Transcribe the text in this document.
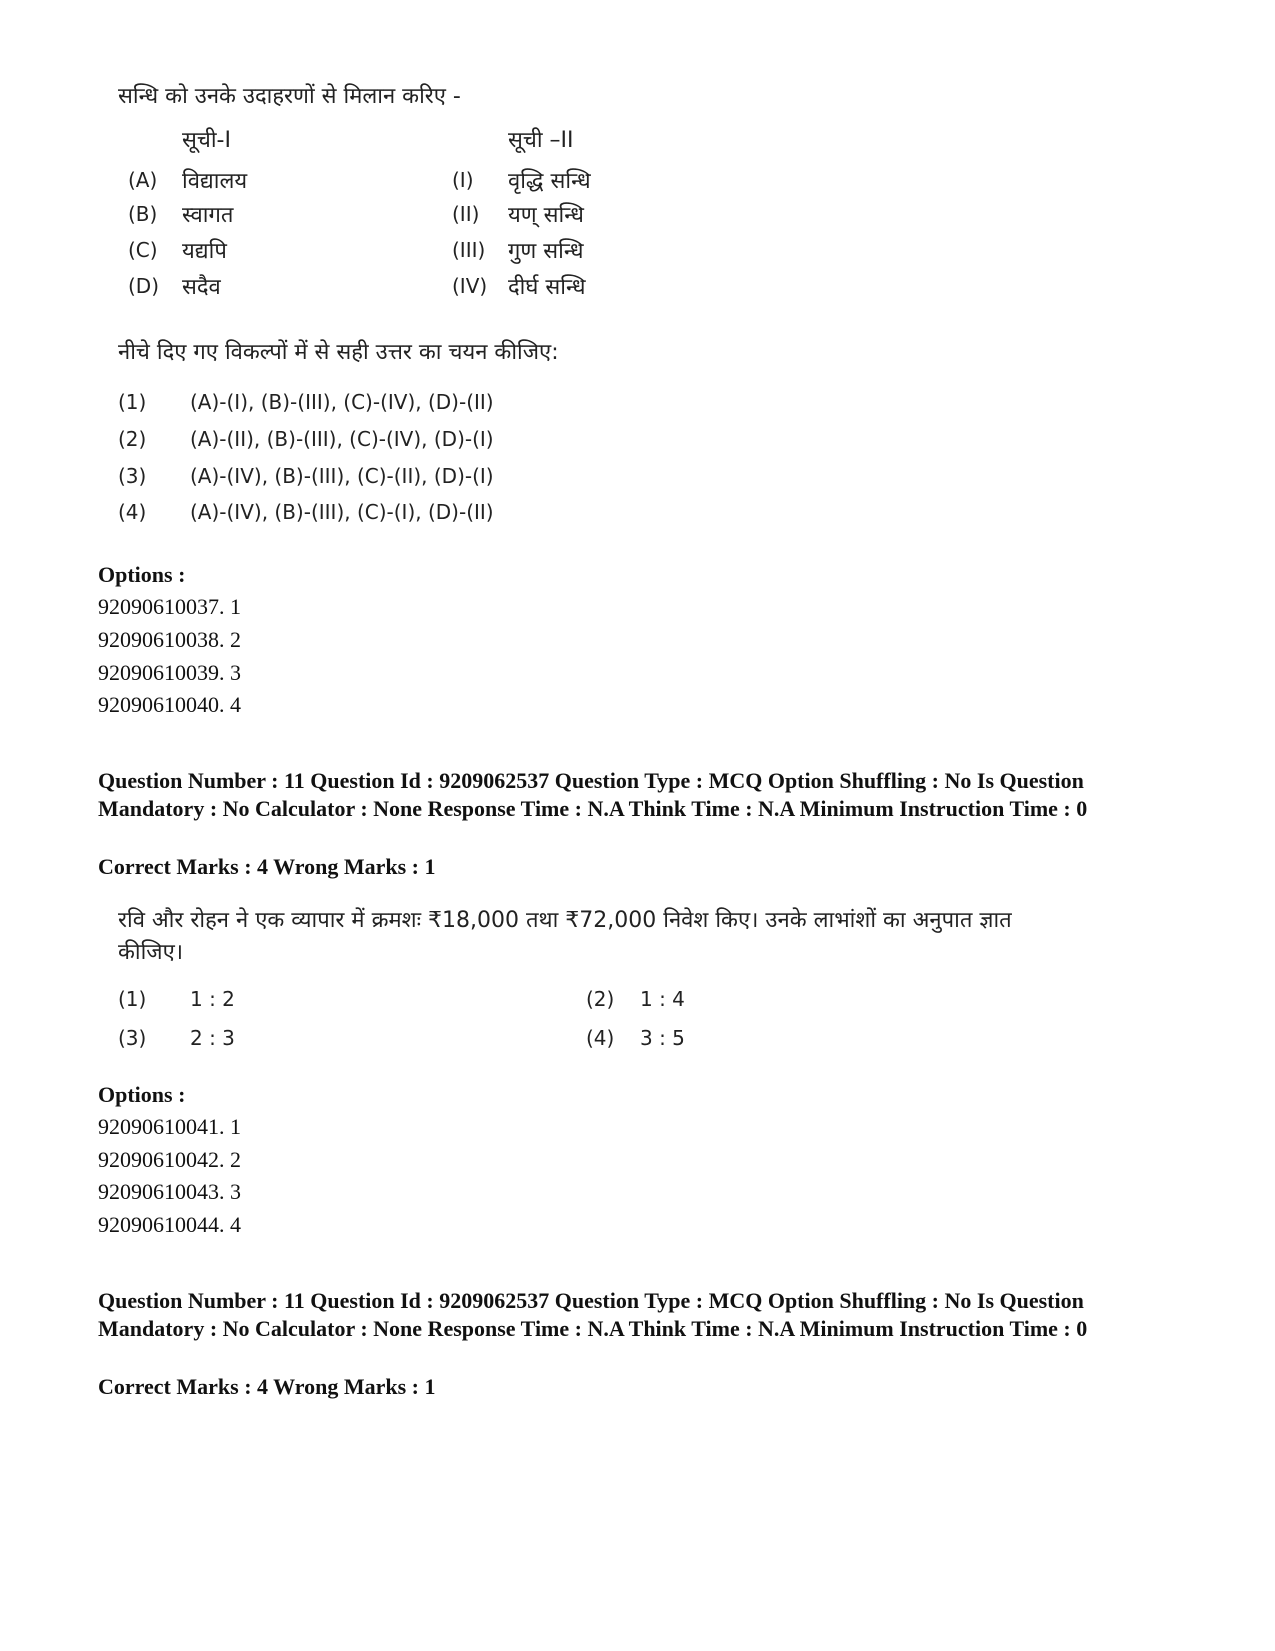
सन्धि को उनके उदाहरणों से मिलान करिए -
सूची-I	सूची –II
(A) विद्यालय	(I) वृद्धि सन्धि
(B) स्वागत	(II) यण् सन्धि
(C) यद्यपि	(III) गुण सन्धि
(D) सदैव	(IV) दीर्घ सन्धि
नीचे दिए गए विकल्पों में से सही उत्तर का चयन कीजिए:
(1) (A)-(I), (B)-(III), (C)-(IV), (D)-(II)
(2) (A)-(II), (B)-(III), (C)-(IV), (D)-(I)
(3) (A)-(IV), (B)-(III), (C)-(II), (D)-(I)
(4) (A)-(IV), (B)-(III), (C)-(I), (D)-(II)
Options :
92090610037. 1
92090610038. 2
92090610039. 3
92090610040. 4
Question Number : 11 Question Id : 9209062537 Question Type : MCQ Option Shuffling : No Is Question Mandatory : No Calculator : None Response Time : N.A Think Time : N.A Minimum Instruction Time : 0
Correct Marks : 4 Wrong Marks : 1
रवि और रोहन ने एक व्यापार में क्रमशः ₹18,000 तथा ₹72,000 निवेश किए। उनके लाभांशों का अनुपात ज्ञात कीजिए।
(1) 1 : 2	(2) 1 : 4
(3) 2 : 3	(4) 3 : 5
Options :
92090610041. 1
92090610042. 2
92090610043. 3
92090610044. 4
Question Number : 11 Question Id : 9209062537 Question Type : MCQ Option Shuffling : No Is Question Mandatory : No Calculator : None Response Time : N.A Think Time : N.A Minimum Instruction Time : 0
Correct Marks : 4 Wrong Marks : 1
